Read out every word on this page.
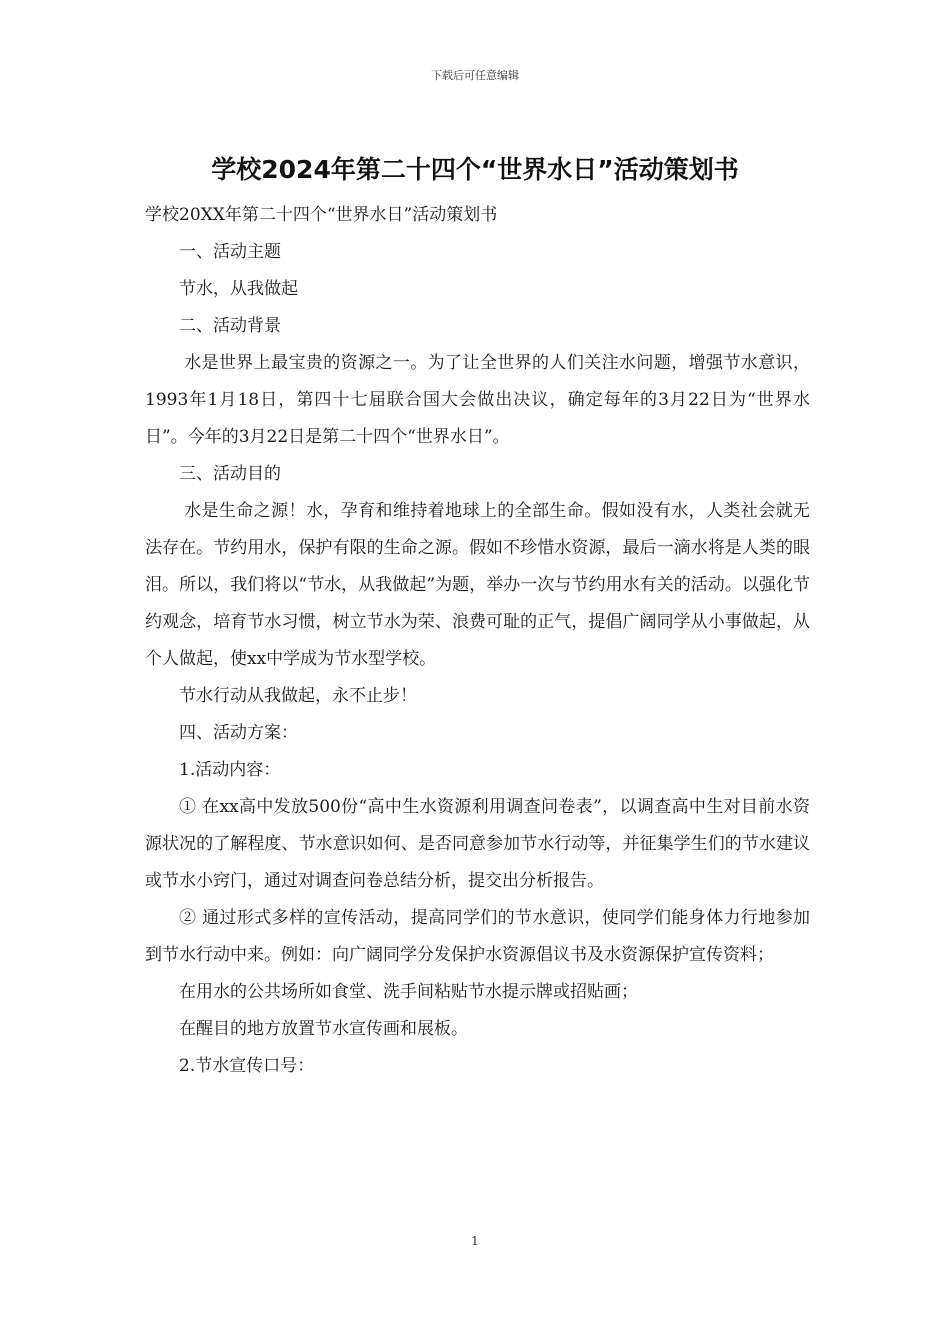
下载后可任意编辑
学校2024年第二十四个“世界水日”活动策划书

学校20XX年第二十四个“世界水日”活动策划书

一、活动主题

节水，从我做起

二、活动背景

水是世界上最宝贵的资源之一。为了让全世界的人们关注水问题，增强节水意识，1993年1月18日，第四十七届联合国大会做出决议，确定每年的3月22日为“世界水日”。今年的3月22日是第二十四个“世界水日”。

三、活动目的

水是生命之源！水，孕育和维持着地球上的全部生命。假如没有水，人类社会就无法存在。节约用水，保护有限的生命之源。假如不珍惜水资源，最后一滴水将是人类的眼泪。所以，我们将以“节水，从我做起”为题，举办一次与节约用水有关的活动。以强化节约观念，培育节水习惯，树立节水为荣、浪费可耻的正气，提倡广阔同学从小事做起，从个人做起，使xx中学成为节水型学校。

节水行动从我做起，永不止步！

四、活动方案：

1.活动内容：

① 在xx高中发放500份“高中生水资源利用调查问卷表”，以调查高中生对目前水资源状况的了解程度、节水意识如何、是否同意参加节水行动等，并征集学生们的节水建议或节水小窍门，通过对调查问卷总结分析，提交出分析报告。

② 通过形式多样的宣传活动，提高同学们的节水意识，使同学们能身体力行地参加到节水行动中来。例如：向广阔同学分发保护水资源倡议书及水资源保护宣传资料；

在用水的公共场所如食堂、洗手间粘贴节水提示牌或招贴画；

在醒目的地方放置节水宣传画和展板。

2.节水宣传口号：

1
